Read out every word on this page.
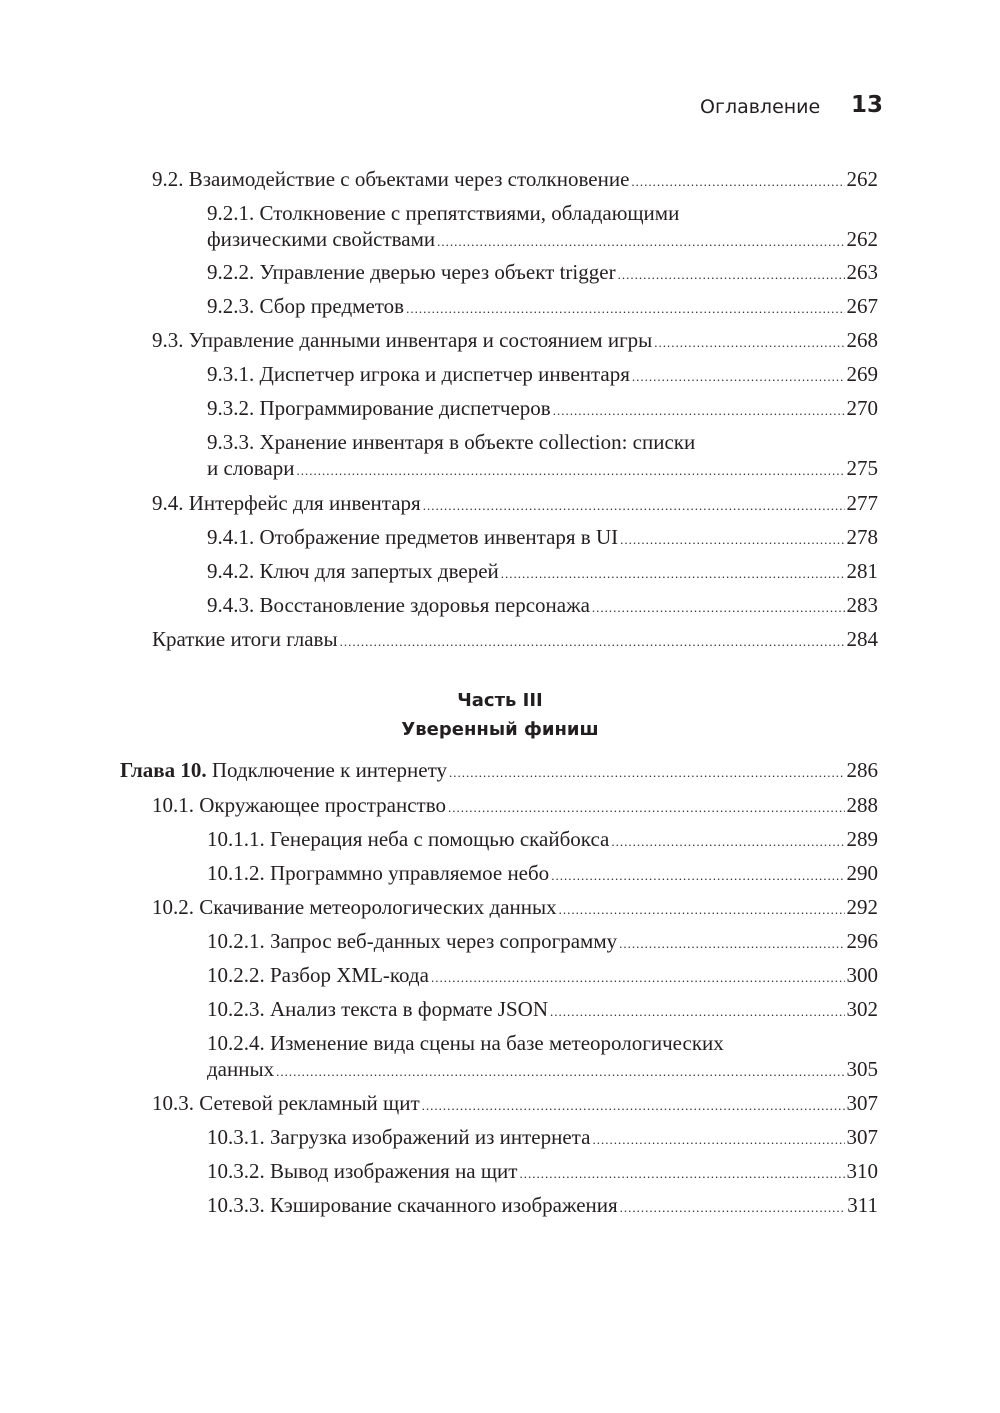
Оглавление 13
9.2. Взаимодействие с объектами через столкновение .....	262
9.2.1. Столкновение с препятствиями, обладающими
физическими свойствами .....	262
9.2.2. Управление дверью через объект trigger .....	263
9.2.3. Сбор предметов .....	267
9.3. Управление данными инвентаря и состоянием игры .....	268
9.3.1. Диспетчер игрока и диспетчер инвентаря .....	269
9.3.2. Программирование диспетчеров .....	270
9.3.3. Хранение инвентаря в объекте collection: списки
и словари .....	275
9.4. Интерфейс для инвентаря .....	277
9.4.1. Отображение предметов инвентаря в UI .....	278
9.4.2. Ключ для запертых дверей .....	281
9.4.3. Восстановление здоровья персонажа .....	283
Краткие итоги главы .....	284
Часть III
Уверенный финиш
Глава 10. Подключение к интернету .....	286
10.1. Окружающее пространство .....	288
10.1.1. Генерация неба с помощью скайбокса .....	289
10.1.2. Программно управляемое небо .....	290
10.2. Скачивание метеорологических данных .....	292
10.2.1. Запрос веб-данных через сопрограмму .....	296
10.2.2. Разбор XML-кода .....	300
10.2.3. Анализ текста в формате JSON .....	302
10.2.4. Изменение вида сцены на базе метеорологических
данных .....	305
10.3. Сетевой рекламный щит .....	307
10.3.1. Загрузка изображений из интернета .....	307
10.3.2. Вывод изображения на щит .....	310
10.3.3. Кэширование скачанного изображения .....	311
